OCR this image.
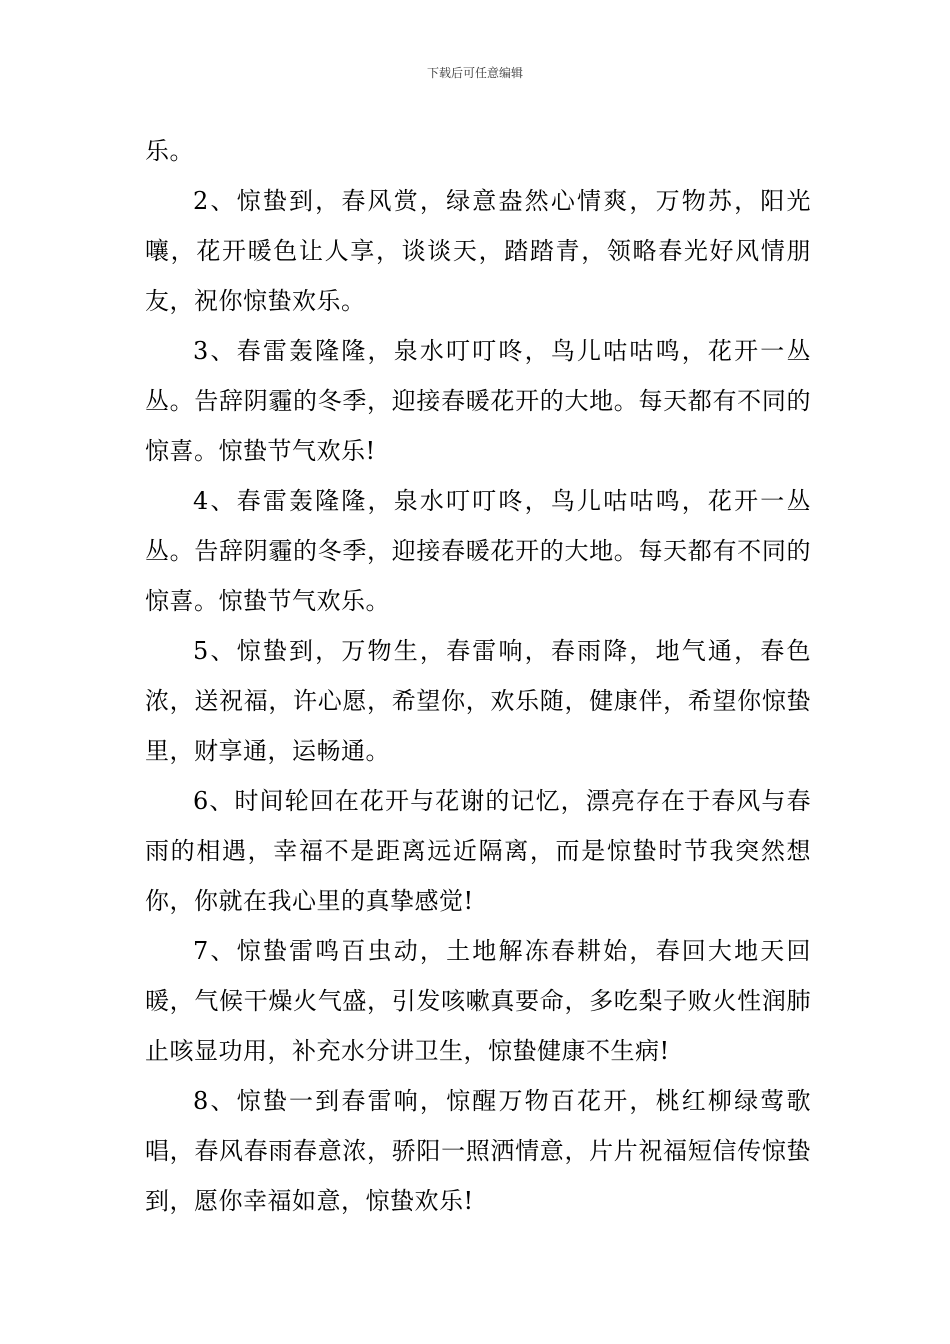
下载后可任意编辑

乐。

2、惊蛰到，春风赏，绿意盎然心情爽，万物苏，阳光嚷，花开暖色让人享，谈谈天，踏踏青，领略春光好风情朋友，祝你惊蛰欢乐。

3、春雷轰隆隆，泉水叮叮咚，鸟儿咕咕鸣，花开一丛丛。告辞阴霾的冬季，迎接春暖花开的大地。每天都有不同的惊喜。惊蛰节气欢乐!

4、春雷轰隆隆，泉水叮叮咚，鸟儿咕咕鸣，花开一丛丛。告辞阴霾的冬季，迎接春暖花开的大地。每天都有不同的惊喜。惊蛰节气欢乐。

5、惊蛰到，万物生，春雷响，春雨降，地气通，春色浓，送祝福，许心愿，希望你，欢乐随，健康伴，希望你惊蛰里，财享通，运畅通。

6、时间轮回在花开与花谢的记忆，漂亮存在于春风与春雨的相遇，幸福不是距离远近隔离，而是惊蛰时节我突然想你，你就在我心里的真挚感觉!

7、惊蛰雷鸣百虫动，土地解冻春耕始，春回大地天回暖，气候干燥火气盛，引发咳嗽真要命，多吃梨子败火性润肺止咳显功用，补充水分讲卫生，惊蛰健康不生病!

8、惊蛰一到春雷响，惊醒万物百花开，桃红柳绿莺歌唱，春风春雨春意浓，骄阳一照洒情意，片片祝福短信传惊蛰到，愿你幸福如意，惊蛰欢乐!
